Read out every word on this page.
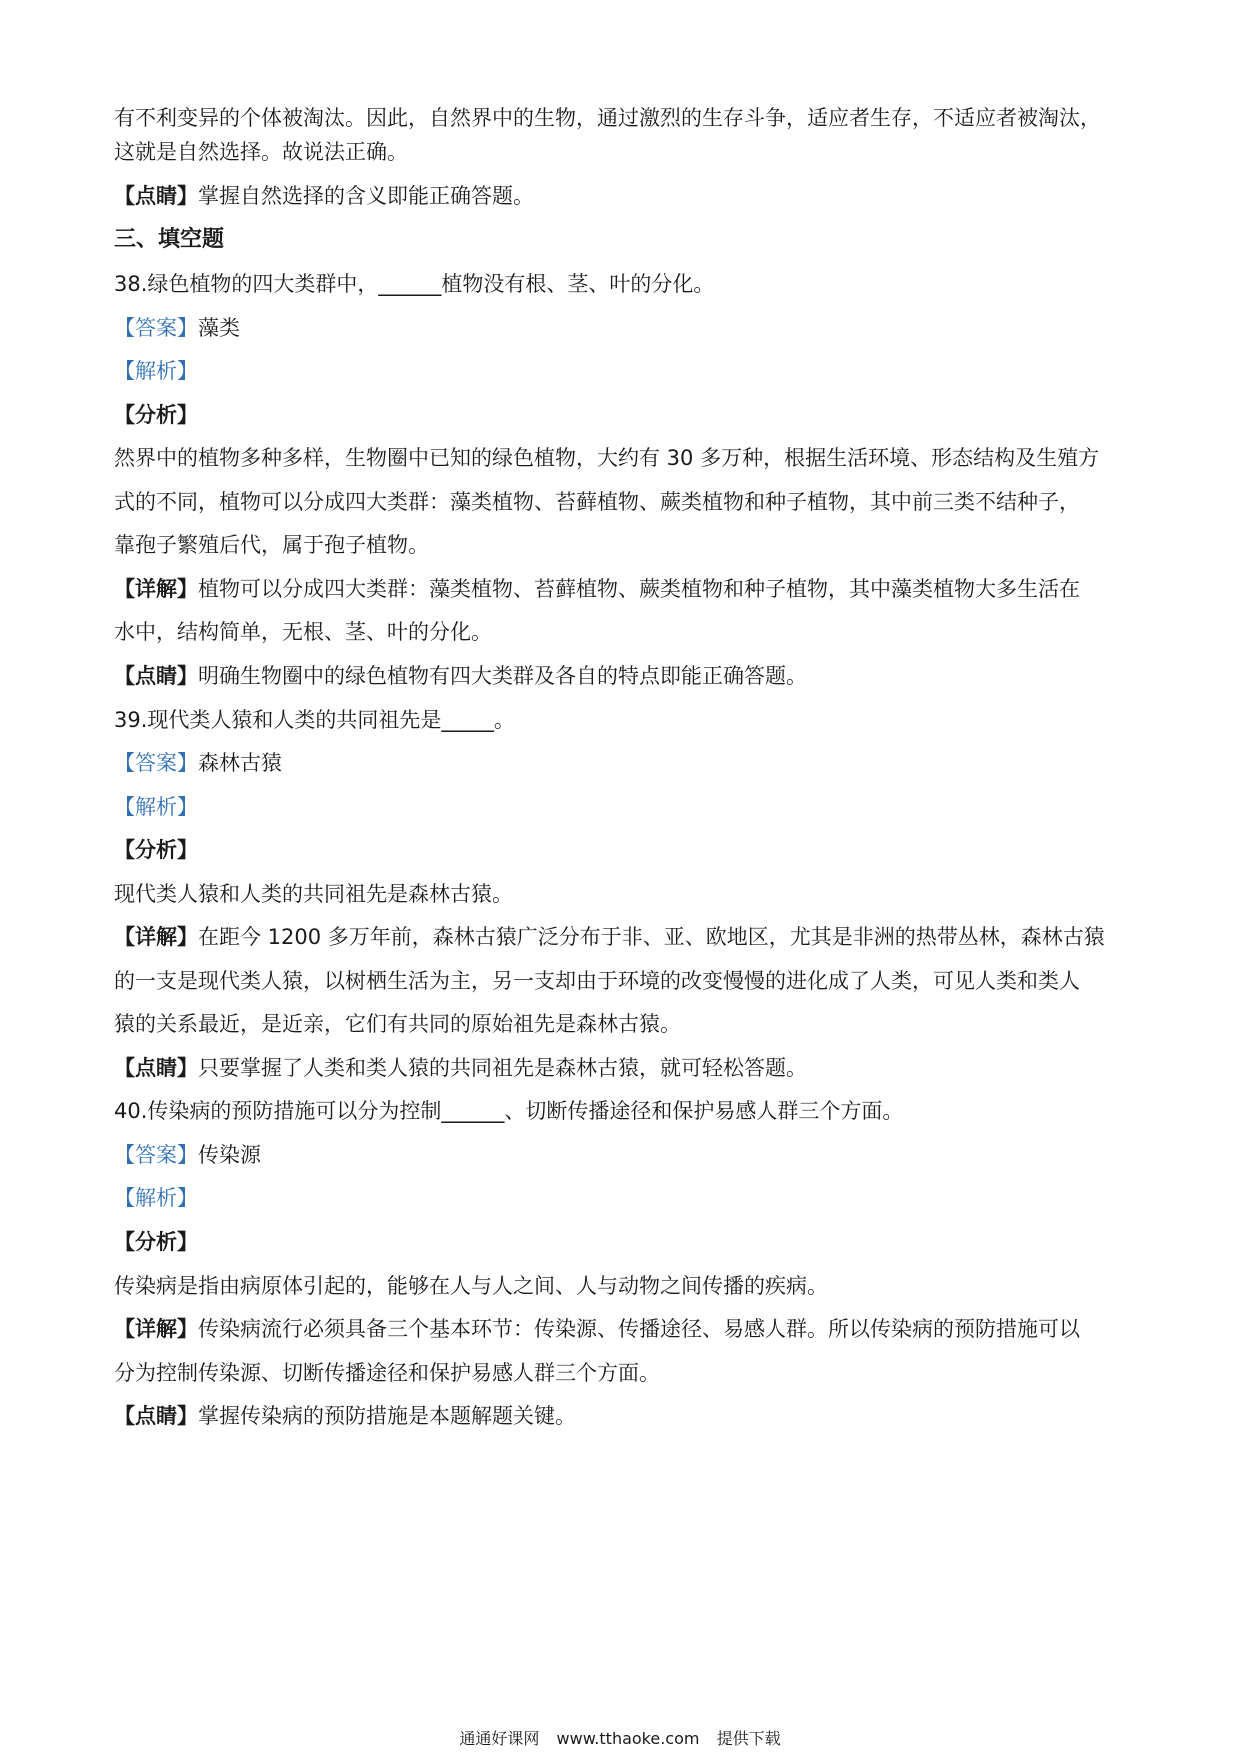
有不利变异的个体被淘汰。因此，自然界中的生物，通过激烈的生存斗争，适应者生存，不适应者被淘汰，
这就是自然选择。故说法正确。
【点睛】掌握自然选择的含义即能正确答题。
三、填空题
38.绿色植物的四大类群中，______植物没有根、茎、叶的分化。
【答案】藻类
【解析】
【分析】
然界中的植物多种多样，生物圈中已知的绿色植物，大约有 30 多万种，根据生活环境、形态结构及生殖方
式的不同，植物可以分成四大类群：藻类植物、苔藓植物、蕨类植物和种子植物，其中前三类不结种子，
靠孢子繁殖后代，属于孢子植物。
【详解】植物可以分成四大类群：藻类植物、苔藓植物、蕨类植物和种子植物，其中藻类植物大多生活在
水中，结构简单，无根、茎、叶的分化。
【点睛】明确生物圈中的绿色植物有四大类群及各自的特点即能正确答题。
39.现代类人猿和人类的共同祖先是_____。
【答案】森林古猿
【解析】
【分析】
现代类人猿和人类的共同祖先是森林古猿。
【详解】在距今 1200 多万年前，森林古猿广泛分布于非、亚、欧地区，尤其是非洲的热带丛林，森林古猿
的一支是现代类人猿，以树栖生活为主，另一支却由于环境的改变慢慢的进化成了人类，可见人类和类人
猿的关系最近，是近亲，它们有共同的原始祖先是森林古猿。
【点睛】只要掌握了人类和类人猿的共同祖先是森林古猿，就可轻松答题。
40.传染病的预防措施可以分为控制______、切断传播途径和保护易感人群三个方面。
【答案】传染源
【解析】
【分析】
传染病是指由病原体引起的，能够在人与人之间、人与动物之间传播的疾病。
【详解】传染病流行必须具备三个基本环节：传染源、传播途径、易感人群。所以传染病的预防措施可以
分为控制传染源、切断传播途径和保护易感人群三个方面。
【点睛】掌握传染病的预防措施是本题解题关键。
通通好课网 www.tthaoke.com 提供下载
